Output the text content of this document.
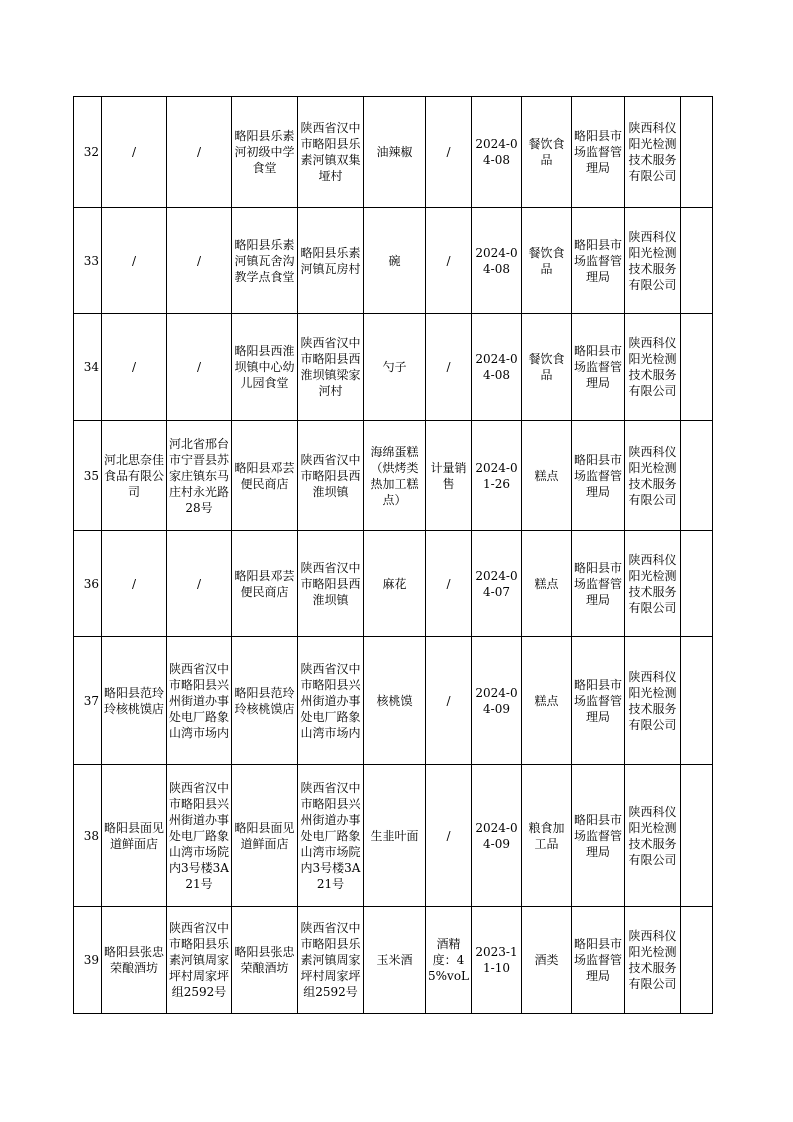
32	/	/	略阳县乐素河初级中学食堂	陕西省汉中市略阳县乐素河镇双集垭村	油辣椒	/	2024-04-08	餐饮食品	略阳县市场监督管理局	陕西科仪阳光检测技术服务有限公司	
33	/	/	略阳县乐素河镇瓦舍沟教学点食堂	略阳县乐素河镇瓦房村	碗	/	2024-04-08	餐饮食品	略阳县市场监督管理局	陕西科仪阳光检测技术服务有限公司	
34	/	/	略阳县西淮坝镇中心幼儿园食堂	陕西省汉中市略阳县西淮坝镇梁家河村	勺子	/	2024-04-08	餐饮食品	略阳县市场监督管理局	陕西科仪阳光检测技术服务有限公司	
35	河北思奈佳食品有限公司	河北省邢台市宁晋县苏家庄镇东马庄村永光路28号	略阳县邓芸便民商店	陕西省汉中市略阳县西淮坝镇	海绵蛋糕（烘烤类热加工糕点）	计量销售	2024-01-26	糕点	略阳县市场监督管理局	陕西科仪阳光检测技术服务有限公司	
36	/	/	略阳县邓芸便民商店	陕西省汉中市略阳县西淮坝镇	麻花	/	2024-04-07	糕点	略阳县市场监督管理局	陕西科仪阳光检测技术服务有限公司	
37	略阳县范玲玲核桃馍店	陕西省汉中市略阳县兴州街道办事处电厂路象山湾市场内	略阳县范玲玲核桃馍店	陕西省汉中市略阳县兴州街道办事处电厂路象山湾市场内	核桃馍	/	2024-04-09	糕点	略阳县市场监督管理局	陕西科仪阳光检测技术服务有限公司	
38	略阳县面见道鲜面店	陕西省汉中市略阳县兴州街道办事处电厂路象山湾市场院内3号楼3A21号	略阳县面见道鲜面店	陕西省汉中市略阳县兴州街道办事处电厂路象山湾市场院内3号楼3A21号	生韭叶面	/	2024-04-09	粮食加工品	略阳县市场监督管理局	陕西科仪阳光检测技术服务有限公司	
39	略阳县张忠荣酿酒坊	陕西省汉中市略阳县乐素河镇周家坪村周家坪组2592号	略阳县张忠荣酿酒坊	陕西省汉中市略阳县乐素河镇周家坪村周家坪组2592号	玉米酒	酒精度：45%voL	2023-11-10	酒类	略阳县市场监督管理局	陕西科仪阳光检测技术服务有限公司	
